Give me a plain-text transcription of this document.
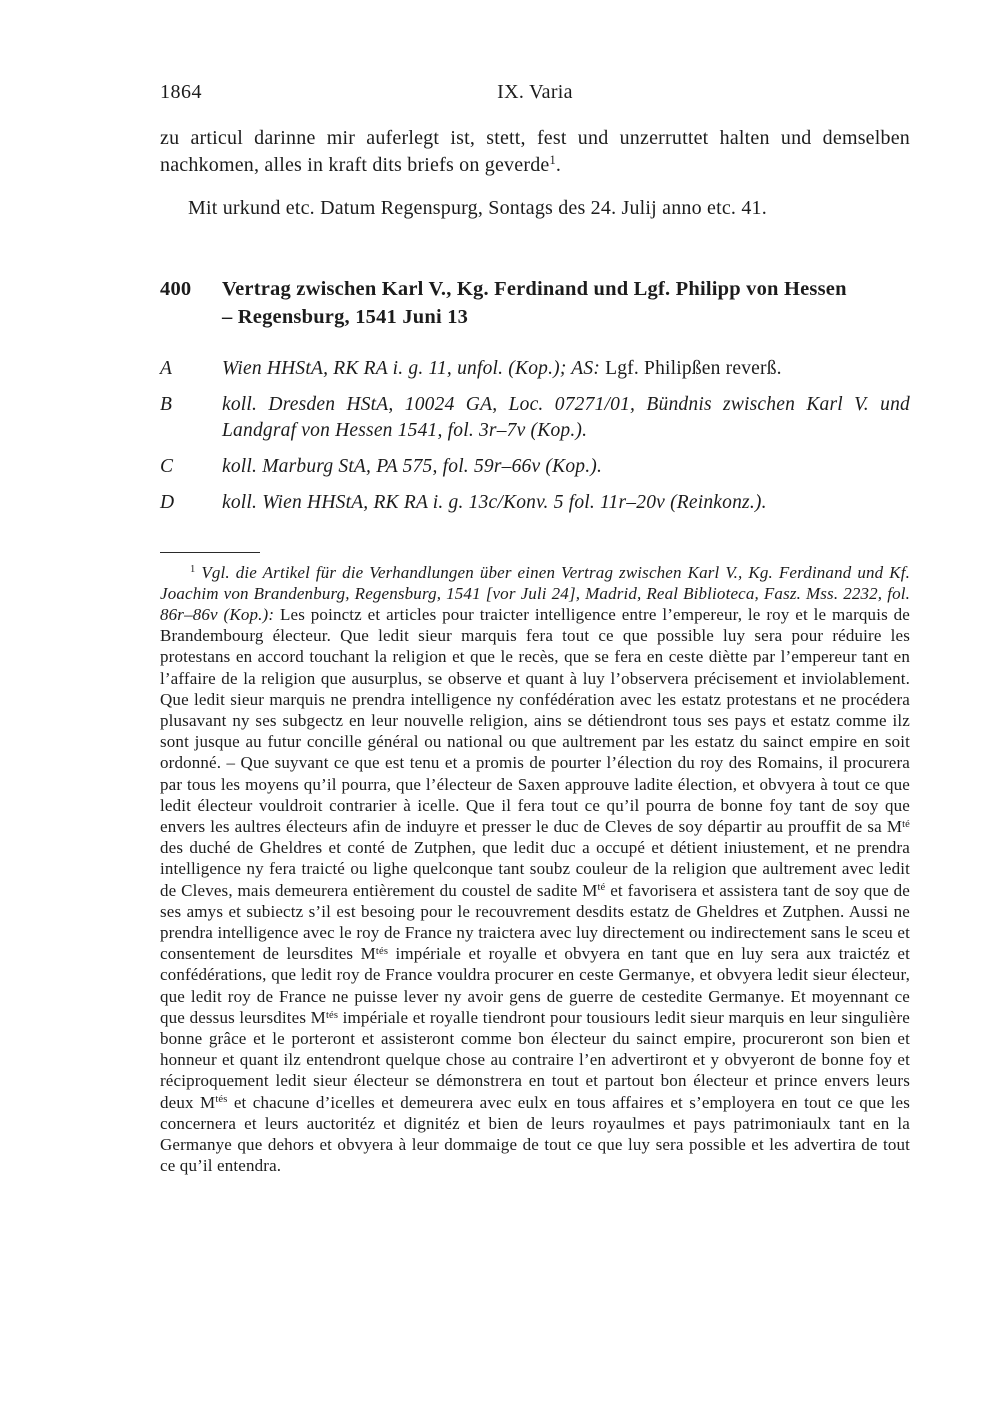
1864	IX. Varia

zu articul darinne mir auferlegt ist, stett, fest und unzerruttet halten und demselben nachkomen, alles in kraft dits briefs on geverde$^1$.

Mit urkund etc. Datum Regenspurg, Sontags des 24. Julij anno etc. 41.

400	Vertrag zwischen Karl V., Kg. Ferdinand und Lgf. Philipp von Hessen
– Regensburg, 1541 Juni 13
A	Wien HHStA, RK RA i. g. 11, unfol. (Kop.); AS: Lgf. Philipßen reverß.
B	koll. Dresden HStA, 10024 GA, Loc. 07271/01, Bündnis zwischen Karl V. und Landgraf von Hessen 1541, fol. 3r–7v (Kop.).
C	koll. Marburg StA, PA 575, fol. 59r–66v (Kop.).
D	koll. Wien HHStA, RK RA i. g. 13c/Konv. 5 fol. 11r–20v (Reinkonz.).

$^1$ Vgl. die Artikel für die Verhandlungen über einen Vertrag zwischen Karl V., Kg. Ferdinand und Kf. Joachim von Brandenburg, Regensburg, 1541 [vor Juli 24], Madrid, Real Biblioteca, Fasz. Mss. 2232, fol. 86r–86v (Kop.): Les poinctz et articles pour traicter intelligence entre l’empereur, le roy et le marquis de Brandembourg électeur. Que ledit sieur marquis fera tout ce que possible luy sera pour réduire les protestans en accord touchant la religion et que le recès, que se fera en ceste diètte par l’empereur tant en l’affaire de la religion que ausurplus, se observe et quant à luy l’observera précisement et inviolablement. Que ledit sieur marquis ne prendra intelligence ny confédération avec les estatz protestans et ne procédera plusavant ny ses subgectz en leur nouvelle religion, ains se détiendront tous ses pays et estatz comme ilz sont jusque au futur concille général ou national ou que aultrement par les estatz du sainct empire en soit ordonné. – Que suyvant ce que est tenu et a promis de pourter l’élection du roy des Romains, il procurera par tous les moyens qu’il pourra, que l’électeur de Saxen approuve ladite élection, et obvyera à tout ce que ledit électeur vouldroit contrarier à icelle. Que il fera tout ce qu’il pourra de bonne foy tant de soy que envers les aultres électeurs afin de induyre et presser le duc de Cleves de soy départir au prouffit de sa $M^{té}$ des duché de Gheldres et conté de Zutphen, que ledit duc a occupé et détient iniustement, et ne prendra intelligence ny fera traicté ou lighe quelconque tant soubz couleur de la religion que aultrement avec ledit de Cleves, mais demeurera entièrement du coustel de sadite $M^{té}$ et favorisera et assistera tant de soy que de ses amys et subiectz s’il est besoing pour le recouvrement desdits estatz de Gheldres et Zutphen. Aussi ne prendra intelligence avec le roy de France ny traictera avec luy directement ou indirectement sans le sceu et consentement de leursdites $M^{tés}$ impériale et royalle et obvyera en tant que en luy sera aux traictéz et confédérations, que ledit roy de France vouldra procurer en ceste Germanye, et obvyera ledit sieur électeur, que ledit roy de France ne puisse lever ny avoir gens de guerre de cestedite Germanye. Et moyennant ce que dessus leursdites $M^{tés}$ impériale et royalle tiendront pour tousiours ledit sieur marquis en leur singulière bonne grâce et le porteront et assisteront comme bon électeur du sainct empire, procureront son bien et honneur et quant ilz entendront quelque chose au contraire l’en advertiront et y obvyeront de bonne foy et réciproquement ledit sieur électeur se démonstrera en tout et partout bon électeur et prince envers leurs deux $M^{tés}$ et chacune d’icelles et demeurera avec eulx en tous affaires et s’employera en tout ce que les concernera et leurs auctoritéz et dignitéz et bien de leurs royaulmes et pays patrimoniaulx tant en la Germanye que dehors et obvyera à leur dommaige de tout ce que luy sera possible et les advertira de tout ce qu’il entendra.
